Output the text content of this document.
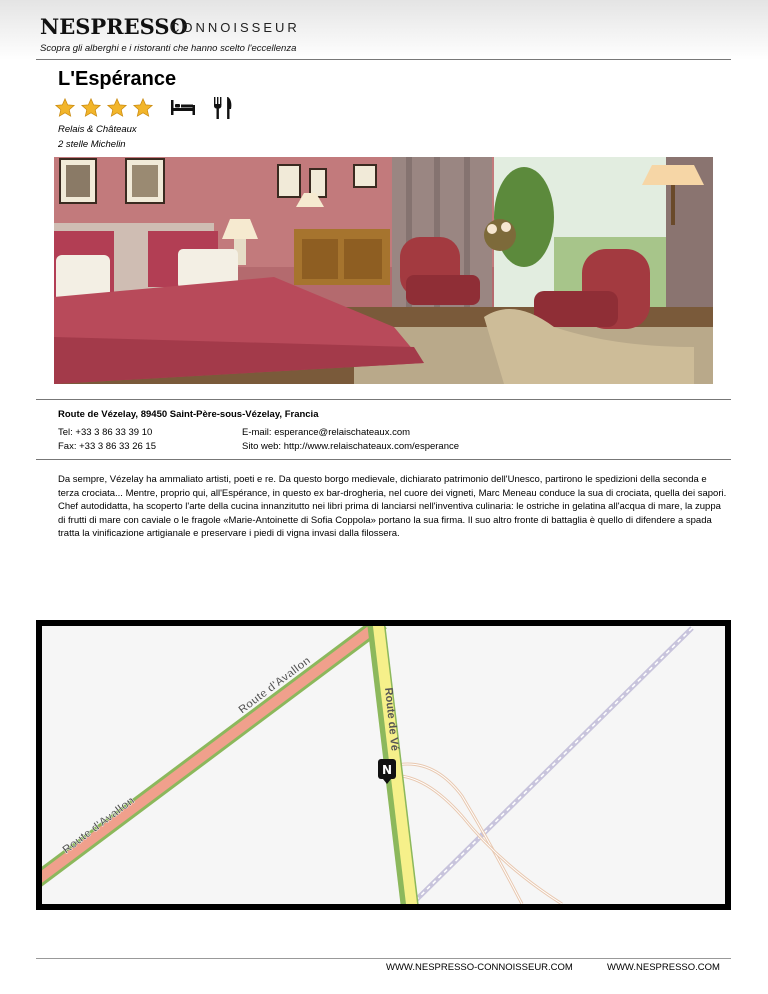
NESPRESSO
CONNOISSEUR
Scopra gli alberghi e i ristoranti che hanno scelto l'eccellenza
L'Espérance
Relais & Châteaux
2 stelle Michelin
Route de Vézelay, 89450 Saint-Père-sous-Vézelay, Francia
Tel: +33 3 86 33 39 10
Fax: +33 3 86 33 26 15
E-mail: esperance@relaischateaux.com
Sito web: http://www.relaischateaux.com/esperance
Da sempre, Vézelay ha ammaliato artisti, poeti e re. Da questo borgo medievale, dichiarato patrimonio dell'Unesco, partirono le spedizioni della seconda e terza crociata... Mentre, proprio qui, all'Espérance, in questo ex bar-drogheria, nel cuore dei vigneti, Marc Meneau conduce la sua di crociata, quella dei sapori. Chef autodidatta, ha scoperto l'arte della cucina innanzitutto nei libri prima di lanciarsi nell'inventiva culinaria: le ostriche in gelatina all'acqua di mare, la zuppa di frutti di mare con caviale o le fragole «Marie-Antoinette di Sofia Coppola» portano la sua firma. Il suo altro fronte di battaglia è quello di difendere a spada tratta la vinificazione artigianale e preservare i piedi di vigna invasi dalla filossera.
Route d'Avallon
Route d'Avallon
Route de Vé
N
WWW.NESPRESSO-CONNOISSEUR.COM	WWW.NESPRESSO.COM
